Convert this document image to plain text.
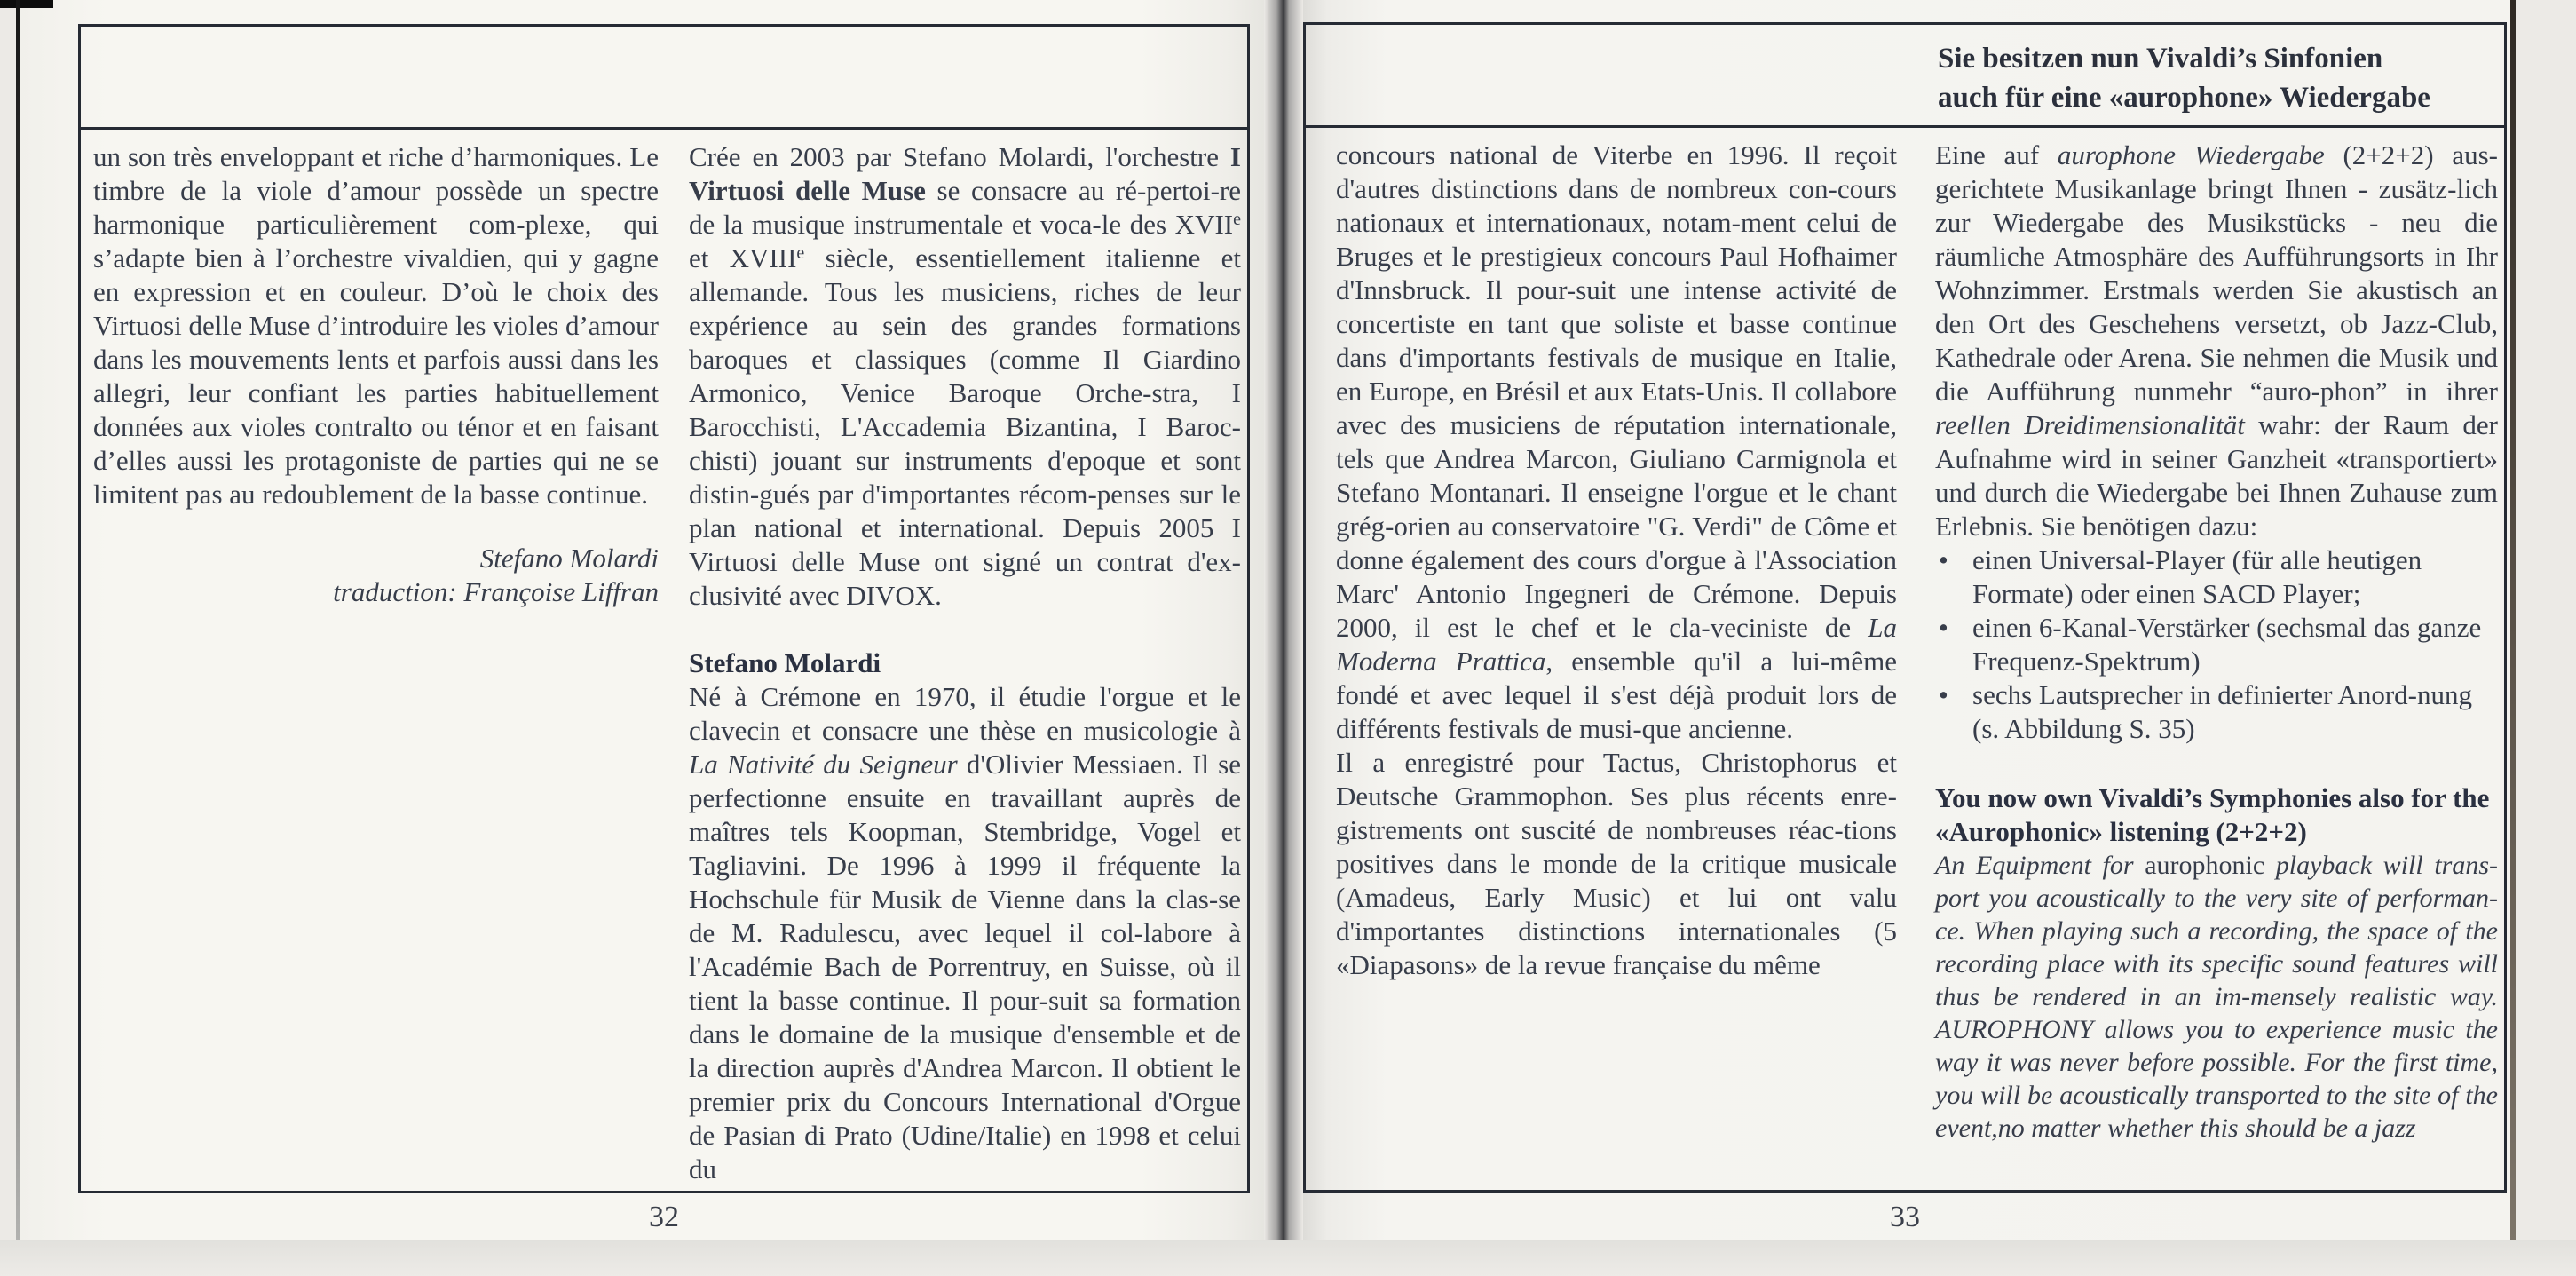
Sie besitzen nun Vivaldi’s Sinfonien
auch für eine «aurophone» Wiedergabe

un son très enveloppant et riche d’harmoniques. Le timbre de la viole d’amour possède un spectre harmonique particulièrement com-plexe, qui s’adapte bien à l’orchestre vivaldien, qui y gagne en expression et en couleur. D’où le choix des Virtuosi delle Muse d’introduire les violes d’amour dans les mouvements lents et parfois aussi dans les allegri, leur confiant les parties habituellement données aux violes contralto ou ténor et en faisant d’elles aussi les protagoniste de parties qui ne se limitent pas au redoublement de la basse continue.

Stefano Molardi

traduction: Françoise Liffran

Crée en 2003 par Stefano Molardi, l'orchestre I Virtuosi delle Muse se consacre au ré-pertoi-re de la musique instrumentale et voca-le des XVIIe et XVIIIe siècle, essentiellement italienne et allemande. Tous les musiciens, riches de leur expérience au sein des grandes formations baroques et classiques (comme Il Giardino Armonico, Venice Baroque Orche-stra, I Barocchisti, L'Accademia Bizantina, I Baroc-chisti) jouant sur instruments d'epoque et sont distin-gués par d'importantes récom-penses sur le plan national et international. Depuis 2005 I Virtuosi delle Muse ont signé un contrat d'ex-clusivité avec DIVOX.

Stefano Molardi

Né à Crémone en 1970, il étudie l'orgue et le clavecin et consacre une thèse en musicologie à La Nativité du Seigneur d'Olivier Messiaen. Il se perfectionne ensuite en travaillant auprès de maîtres tels Koopman, Stembridge, Vogel et Tagliavini. De 1996 à 1999 il fréquente la Hochschule für Musik de Vienne dans la clas-se de M. Radulescu, avec lequel il col-labore à l'Académie Bach de Porrentruy, en Suisse, où il tient la basse continue. Il pour-suit sa formation dans le domaine de la musique d'ensemble et de la direction auprès d'Andrea Marcon. Il obtient le premier prix du Concours International d'Orgue de Pasian di Prato (Udine/Italie) en 1998 et celui du

concours national de Viterbe en 1996. Il reçoit d'autres distinctions dans de nombreux con-cours nationaux et internationaux, notam-ment celui de Bruges et le prestigieux concours Paul Hofhaimer d'Innsbruck. Il pour-suit une intense activité de concertiste en tant que soliste et basse continue dans d'importants festivals de musique en Italie, en Europe, en Brésil et aux Etats-Unis. Il collabore avec des musiciens de réputation internationale, tels que Andrea Marcon, Giuliano Carmignola et Stefano Montanari. Il enseigne l'orgue et le chant grég-orien au conservatoire "G. Verdi" de Côme et donne également des cours d'orgue à l'Association Marc' Antonio Ingegneri de Crémone. Depuis 2000, il est le chef et le cla-veciniste de La Moderna Prattica, ensemble qu'il a lui-même fondé et avec lequel il s'est déjà produit lors de différents festivals de musi-que ancienne.

Il a enregistré pour Tactus, Christophorus et Deutsche Grammophon. Ses plus récents enre-gistrements ont suscité de nombreuses réac-tions positives dans le monde de la critique musicale (Amadeus, Early Music) et lui ont valu d'importantes distinctions internationales (5 «Diapasons» de la revue française du même

Eine auf aurophone Wiedergabe (2+2+2) aus-gerichtete Musikanlage bringt Ihnen - zusätz-lich zur Wiedergabe des Musikstücks - neu die räumliche Atmosphäre des Aufführungsorts in Ihr Wohnzimmer. Erstmals werden Sie akustisch an den Ort des Geschehens versetzt, ob Jazz-Club, Kathedrale oder Arena. Sie nehmen die Musik und die Aufführung nunmehr “auro-phon” in ihrer reellen Dreidimensionalität wahr: der Raum der Aufnahme wird in seiner Ganzheit «transportiert» und durch die Wiedergabe bei Ihnen Zuhause zum Erlebnis. Sie benötigen dazu:

• einen Universal-Player (für alle heutigen Formate) oder einen SACD Player;
• einen 6-Kanal-Verstärker (sechsmal das ganze Frequenz-Spektrum)
• sechs Lautsprecher in definierter Anord-nung (s. Abbildung S. 35)

You now own Vivaldi’s Symphonies also for the «Aurophonic» listening (2+2+2)

An Equipment for aurophonic playback will trans-port you acoustically to the very site of performan-ce. When playing such a recording, the space of the recording place with its specific sound features will thus be rendered in an im-mensely realistic way. AUROPHONY allows you to experience music the way it was never before possible. For the first time, you will be acoustically transported to the site of the event,no matter whether this should be a jazz

32	33
